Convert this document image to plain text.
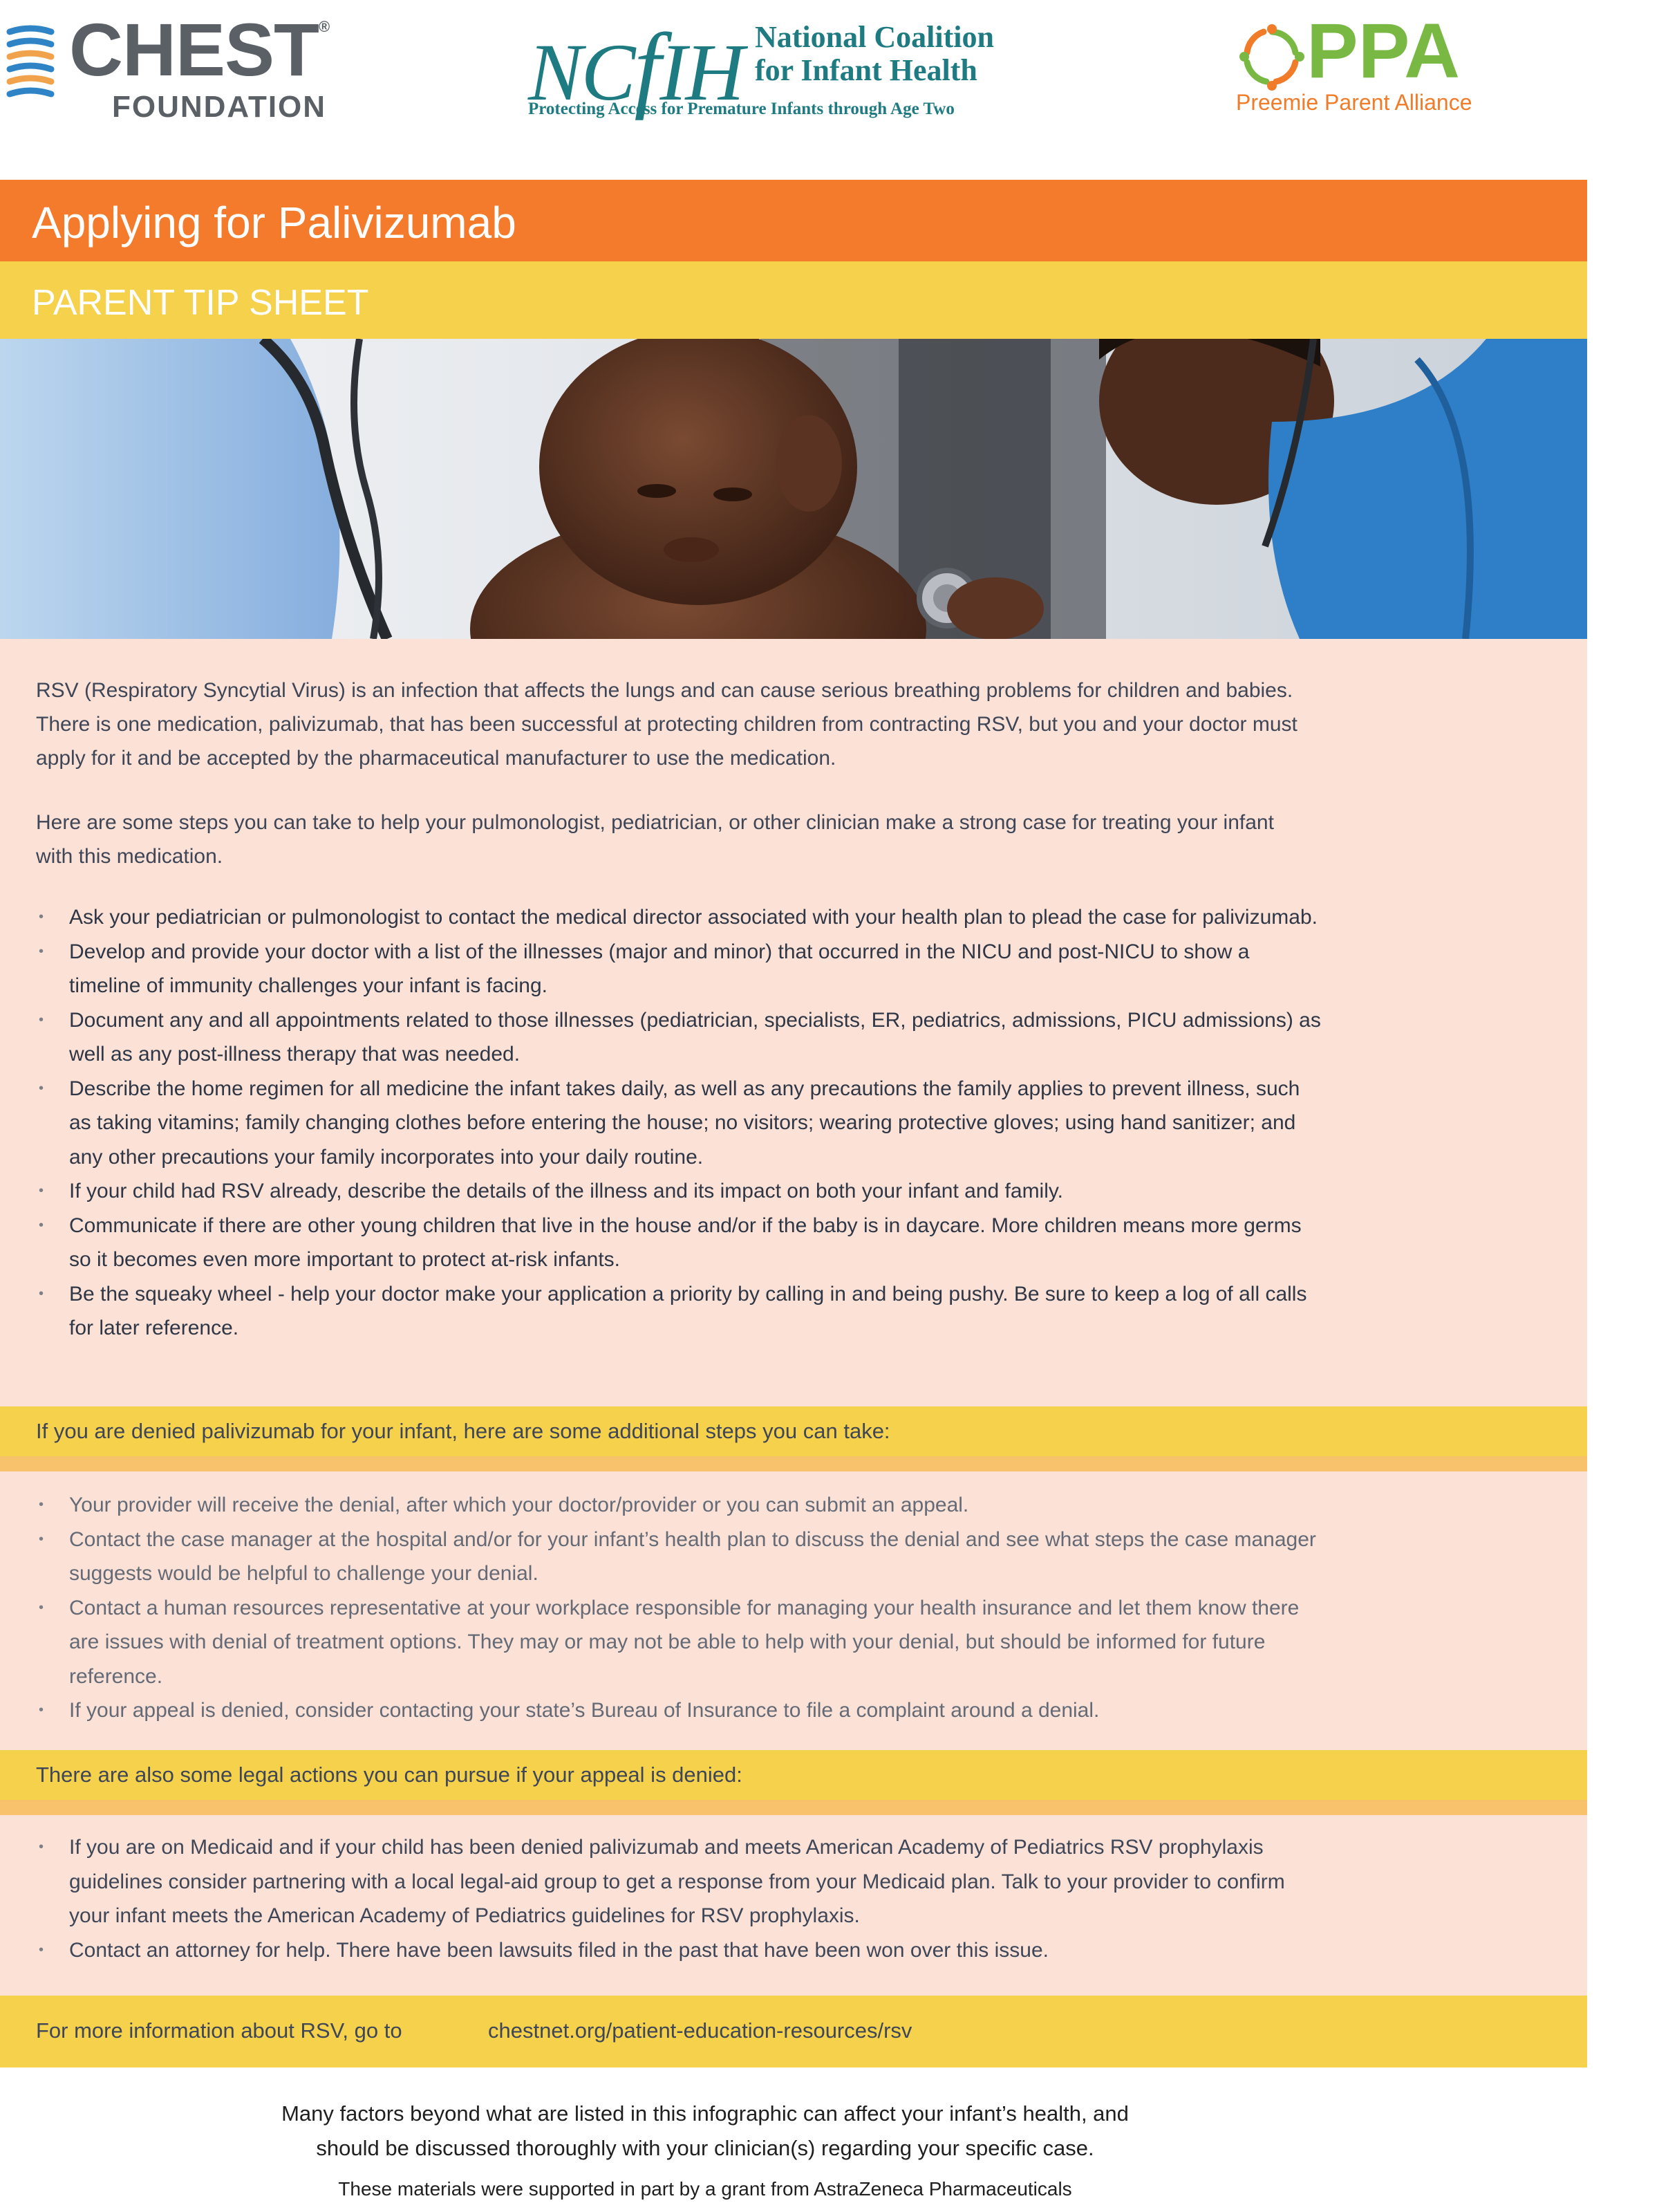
CHEST®
FOUNDATION NCfIH National Coalition
for Infant Health
Protecting Access for Premature Infants through Age Two
PPA
Preemie Parent Alliance
Applying for Palivizumab
PARENT TIP SHEET

RSV (Respiratory Syncytial Virus) is an infection that affects the lungs and can cause serious breathing problems for children and babies. There is one medication, palivizumab, that has been successful at protecting children from contracting RSV, but you and your doctor must apply for it and be accepted by the pharmaceutical manufacturer to use the medication.

Here are some steps you can take to help your pulmonologist, pediatrician, or other clinician make a strong case for treating your infant with this medication.

• Ask your pediatrician or pulmonologist to contact the medical director associated with your health plan to plead the case for palivizumab.
• Develop and provide your doctor with a list of the illnesses (major and minor) that occurred in the NICU and post-NICU to show a timeline of immunity challenges your infant is facing.
• Document any and all appointments related to those illnesses (pediatrician, specialists, ER, pediatrics, admissions, PICU admissions) as well as any post-illness therapy that was needed.
• Describe the home regimen for all medicine the infant takes daily, as well as any precautions the family applies to prevent illness, such as taking vitamins; family changing clothes before entering the house; no visitors; wearing protective gloves; using hand sanitizer; and any other precautions your family incorporates into your daily routine.
• If your child had RSV already, describe the details of the illness and its impact on both your infant and family.
• Communicate if there are other young children that live in the house and/or if the baby is in daycare. More children means more germs so it becomes even more important to protect at-risk infants.
• Be the squeaky wheel - help your doctor make your application a priority by calling in and being pushy. Be sure to keep a log of all calls for later reference.
If you are denied palivizumab for your infant, here are some additional steps you can take:
• Your provider will receive the denial, after which your doctor/provider or you can submit an appeal.
• Contact the case manager at the hospital and/or for your infant’s health plan to discuss the denial and see what steps the case manager suggests would be helpful to challenge your denial.
• Contact a human resources representative at your workplace responsible for managing your health insurance and let them know there are issues with denial of treatment options. They may or may not be able to help with your denial, but should be informed for future reference.
• If your appeal is denied, consider contacting your state’s Bureau of Insurance to file a complaint around a denial.
There are also some legal actions you can pursue if your appeal is denied:
• If you are on Medicaid and if your child has been denied palivizumab and meets American Academy of Pediatrics RSV prophylaxis guidelines consider partnering with a local legal-aid group to get a response from your Medicaid plan. Talk to your provider to confirm your infant meets the American Academy of Pediatrics guidelines for RSV prophylaxis.
• Contact an attorney for help. There have been lawsuits filed in the past that have been won over this issue.
For more information about RSV, go to	chestnet.org/patient-education-resources/rsv

Many factors beyond what are listed in this infographic can affect your infant’s health, and
should be discussed thoroughly with your clinician(s) regarding your specific case.

These materials were supported in part by a grant from AstraZeneca Pharmaceuticals
